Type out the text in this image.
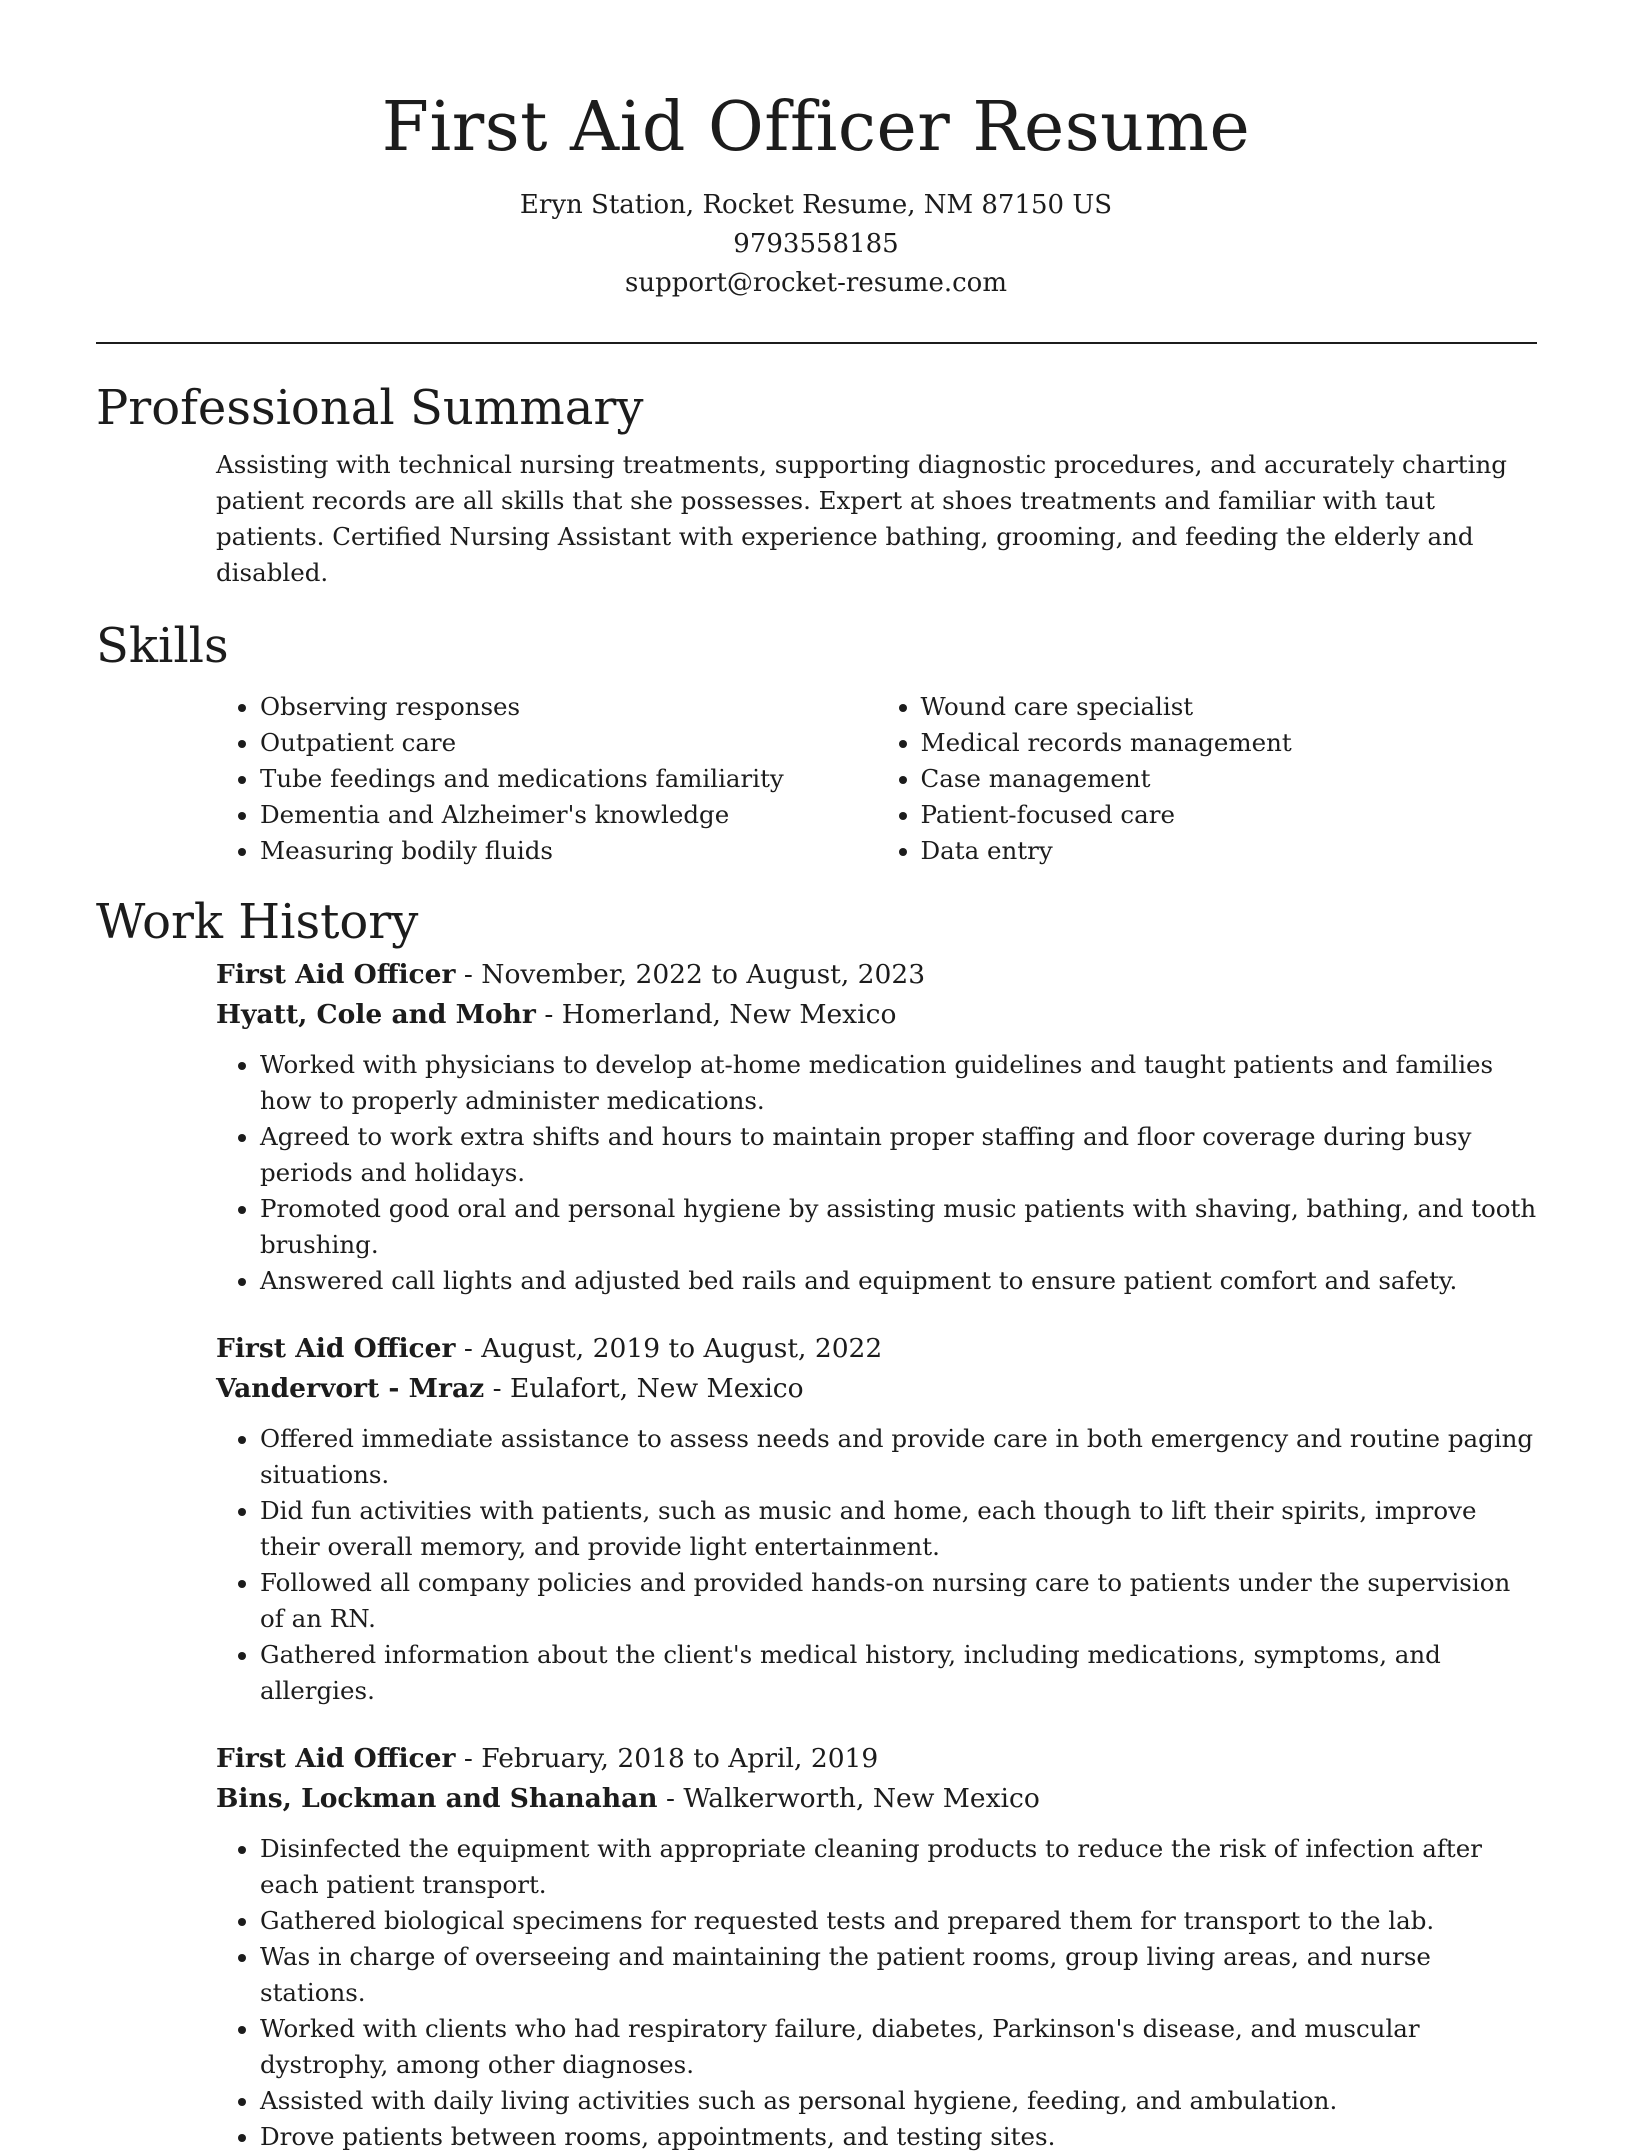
First Aid Officer Resume
Eryn Station, Rocket Resume, NM 87150 US
9793558185
support@rocket-resume.com
Professional Summary

Assisting with technical nursing treatments, supporting diagnostic procedures, and accurately charting patient records are all skills that she possesses. Expert at shoes treatments and familiar with taut patients. Certified Nursing Assistant with experience bathing, grooming, and feeding the elderly and disabled.

Skills
• Observing responses
• Outpatient care
• Tube feedings and medications familiarity
• Dementia and Alzheimer's knowledge
• Measuring bodily fluids
• Wound care specialist
• Medical records management
• Case management
• Patient-focused care
• Data entry
Work History

First Aid Officer - November, 2022 to August, 2023

Hyatt, Cole and Mohr - Homerland, New Mexico

• Worked with physicians to develop at-home medication guidelines and taught patients and families how to properly administer medications.
• Agreed to work extra shifts and hours to maintain proper staffing and floor coverage during busy periods and holidays.
• Promoted good oral and personal hygiene by assisting music patients with shaving, bathing, and tooth brushing.
• Answered call lights and adjusted bed rails and equipment to ensure patient comfort and safety.

First Aid Officer - August, 2019 to August, 2022

Vandervort - Mraz - Eulafort, New Mexico

• Offered immediate assistance to assess needs and provide care in both emergency and routine paging situations.
• Did fun activities with patients, such as music and home, each though to lift their spirits, improve their overall memory, and provide light entertainment.
• Followed all company policies and provided hands-on nursing care to patients under the supervision of an RN.
• Gathered information about the client's medical history, including medications, symptoms, and allergies.

First Aid Officer - February, 2018 to April, 2019

Bins, Lockman and Shanahan - Walkerworth, New Mexico

• Disinfected the equipment with appropriate cleaning products to reduce the risk of infection after each patient transport.
• Gathered biological specimens for requested tests and prepared them for transport to the lab.
• Was in charge of overseeing and maintaining the patient rooms, group living areas, and nurse stations.
• Worked with clients who had respiratory failure, diabetes, Parkinson's disease, and muscular dystrophy, among other diagnoses.
• Assisted with daily living activities such as personal hygiene, feeding, and ambulation.
• Drove patients between rooms, appointments, and testing sites.
